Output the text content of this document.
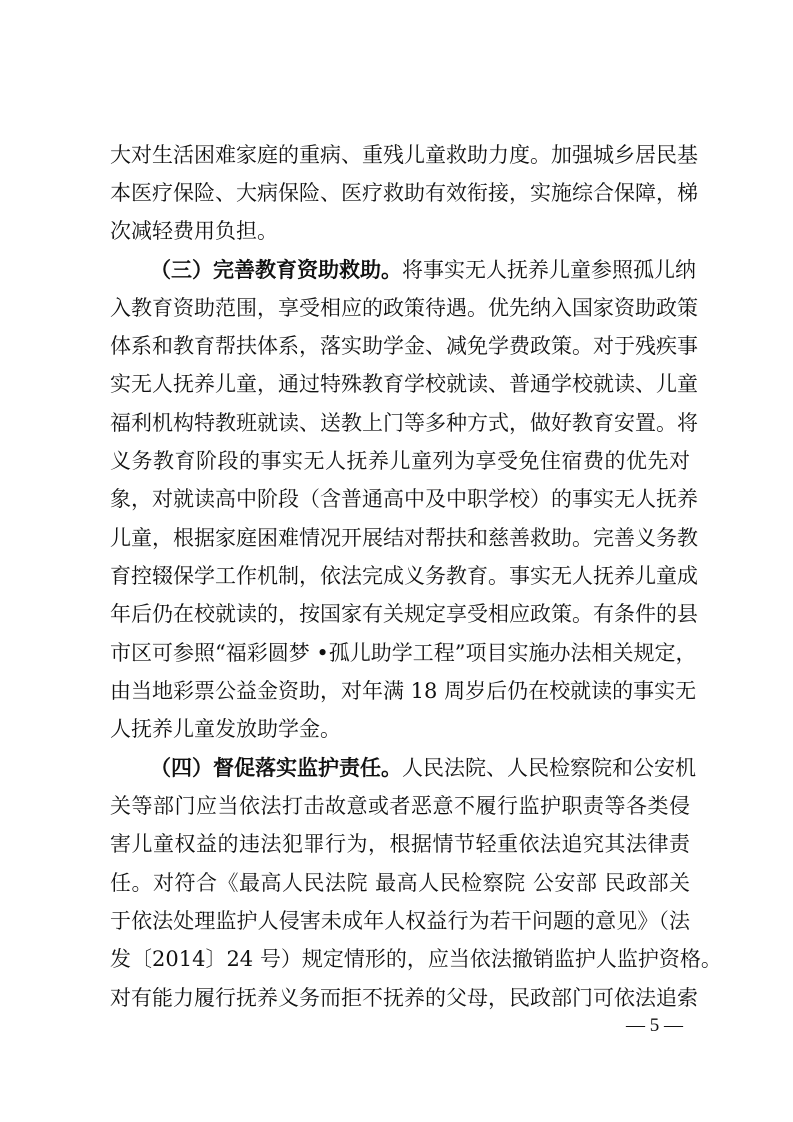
大对生活困难家庭的重病、重残儿童救助力度。加强城乡居民基
本医疗保险、大病保险、医疗救助有效衔接，实施综合保障，梯
次减轻费用负担。
（三）完善教育资助救助。将事实无人抚养儿童参照孤儿纳
入教育资助范围，享受相应的政策待遇。优先纳入国家资助政策
体系和教育帮扶体系，落实助学金、减免学费政策。对于残疾事
实无人抚养儿童，通过特殊教育学校就读、普通学校就读、儿童
福利机构特教班就读、送教上门等多种方式，做好教育安置。将
义务教育阶段的事实无人抚养儿童列为享受免住宿费的优先对
象，对就读高中阶段（含普通高中及中职学校）的事实无人抚养
儿童，根据家庭困难情况开展结对帮扶和慈善救助。完善义务教
育控辍保学工作机制，依法完成义务教育。事实无人抚养儿童成
年后仍在校就读的，按国家有关规定享受相应政策。有条件的县
市区可参照“福彩圆梦 •孤儿助学工程”项目实施办法相关规定，
由当地彩票公益金资助，对年满 18 周岁后仍在校就读的事实无
人抚养儿童发放助学金。
（四）督促落实监护责任。人民法院、人民检察院和公安机
关等部门应当依法打击故意或者恶意不履行监护职责等各类侵
害儿童权益的违法犯罪行为，根据情节轻重依法追究其法律责
任。对符合《最高人民法院 最高人民检察院 公安部 民政部关
于依法处理监护人侵害未成年人权益行为若干问题的意见》（法
发〔2014〕24 号）规定情形的，应当依法撤销监护人监护资格。
对有能力履行抚养义务而拒不抚养的父母，民政部门可依法追索
— 5 —
